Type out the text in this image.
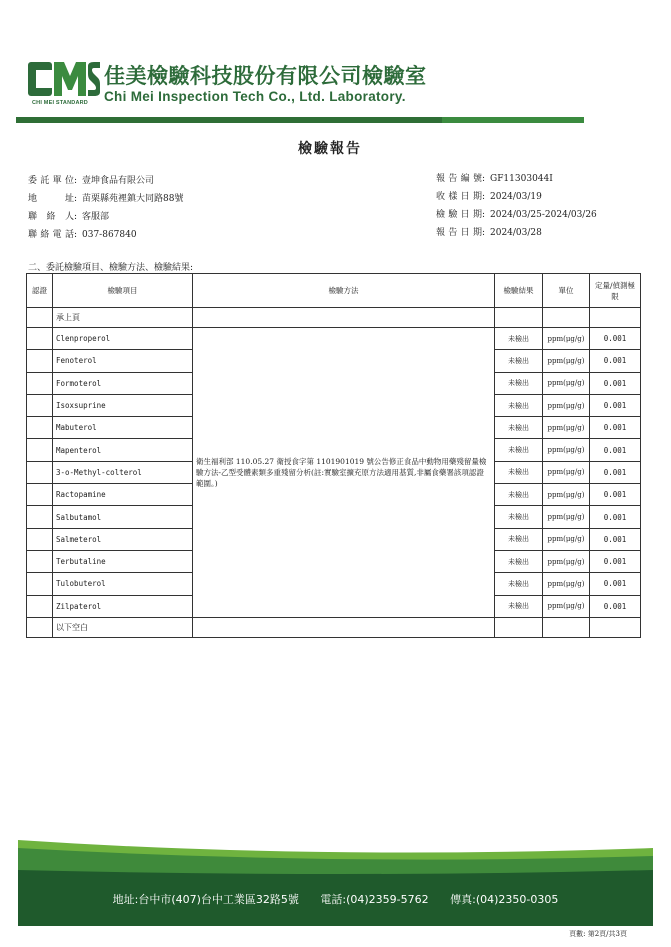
CHI MEI STANDARD
佳美檢驗科技股份有限公司檢驗室
Chi Mei Inspection Tech Co., Ltd. Laboratory.
檢驗報告
委託單位 : 壹坤食品有限公司
地　址 : 苗栗縣苑裡鎮大同路88號
聯絡人 : 客服部
聯絡電話 : 037-867840
報告編號 : GF11303044I
收樣日期 : 2024/03/19
檢驗日期 : 2024/03/25-2024/03/26
報告日期 : 2024/03/28
二、委託檢驗項目、檢驗方法、檢驗結果:
認證	檢驗項目	檢驗方法	檢驗結果	單位	定量/偵測極限
	承上頁				
	Clenproperol	衛生福利部 110.05.27 衛授食字第 1101901019 號公告修正食品中動物用藥殘留量檢驗方法-乙型受體素類多重殘留分析(註:實驗室擴充原方法適用基質,非屬食藥署該項認證範圍。)	未檢出	ppm(μg/g)	0.001
	Fenoterol		未檢出	ppm(μg/g)	0.001
	Formoterol		未檢出	ppm(μg/g)	0.001
	Isoxsuprine		未檢出	ppm(μg/g)	0.001
	Mabuterol		未檢出	ppm(μg/g)	0.001
	Mapenterol		未檢出	ppm(μg/g)	0.001
	3-o-Methyl-colterol		未檢出	ppm(μg/g)	0.001
	Ractopamine		未檢出	ppm(μg/g)	0.001
	Salbutamol		未檢出	ppm(μg/g)	0.001
	Salmeterol		未檢出	ppm(μg/g)	0.001
	Terbutaline		未檢出	ppm(μg/g)	0.001
	Tulobuterol		未檢出	ppm(μg/g)	0.001
	Zilpaterol		未檢出	ppm(μg/g)	0.001
	以下空白				
地址:台中市(407)台中工業區32路5號 電話:(04)2359-5762 傳真:(04)2350-0305
頁數: 第2頁/共3頁
